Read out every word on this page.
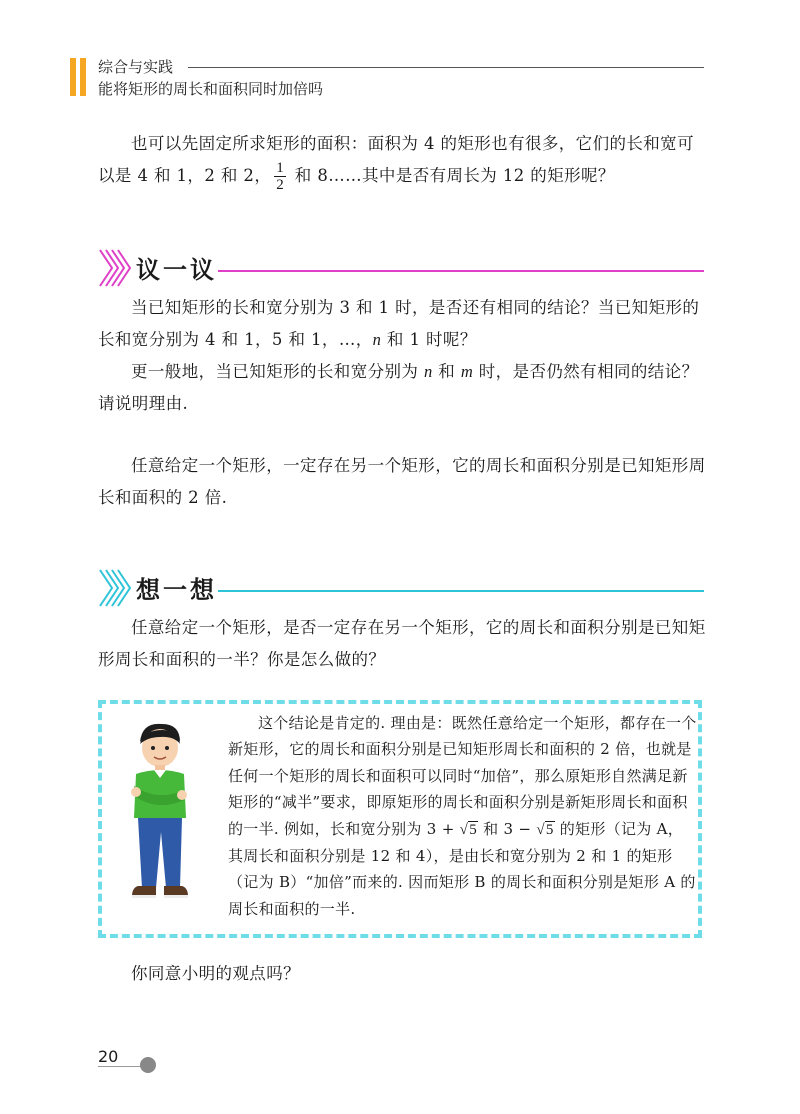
综合与实践
能将矩形的周长和面积同时加倍吗
也可以先固定所求矩形的面积：面积为 4 的矩形也有很多，它们的长和宽可以是 4 和 1，2 和 2， $\frac{1}{2}$ 和 8……其中是否有周长为 12 的矩形呢？
议一议
当已知矩形的长和宽分别为 3 和 1 时，是否还有相同的结论？当已知矩形的长和宽分别为 4 和 1，5 和 1，…，n 和 1 时呢？
更一般地，当已知矩形的长和宽分别为 n 和 m 时，是否仍然有相同的结论？请说明理由.
任意给定一个矩形，一定存在另一个矩形，它的周长和面积分别是已知矩形周长和面积的 2 倍.
想一想
任意给定一个矩形，是否一定存在另一个矩形，它的周长和面积分别是已知矩形周长和面积的一半？你是怎么做的？
这个结论是肯定的. 理由是：既然任意给定一个矩形，都存在一个新矩形，它的周长和面积分别是已知矩形周长和面积的 2 倍，也就是任何一个矩形的周长和面积可以同时“加倍”，那么原矩形自然满足新矩形的“减半”要求，即原矩形的周长和面积分别是新矩形周长和面积的一半. 例如，长和宽分别为 3 + √5 和 3 − √5 的矩形（记为 A，其周长和面积分别是 12 和 4），是由长和宽分别为 2 和 1 的矩形（记为 B）“加倍”而来的. 因而矩形 B 的周长和面积分别是矩形 A 的周长和面积的一半.
你同意小明的观点吗？
20
